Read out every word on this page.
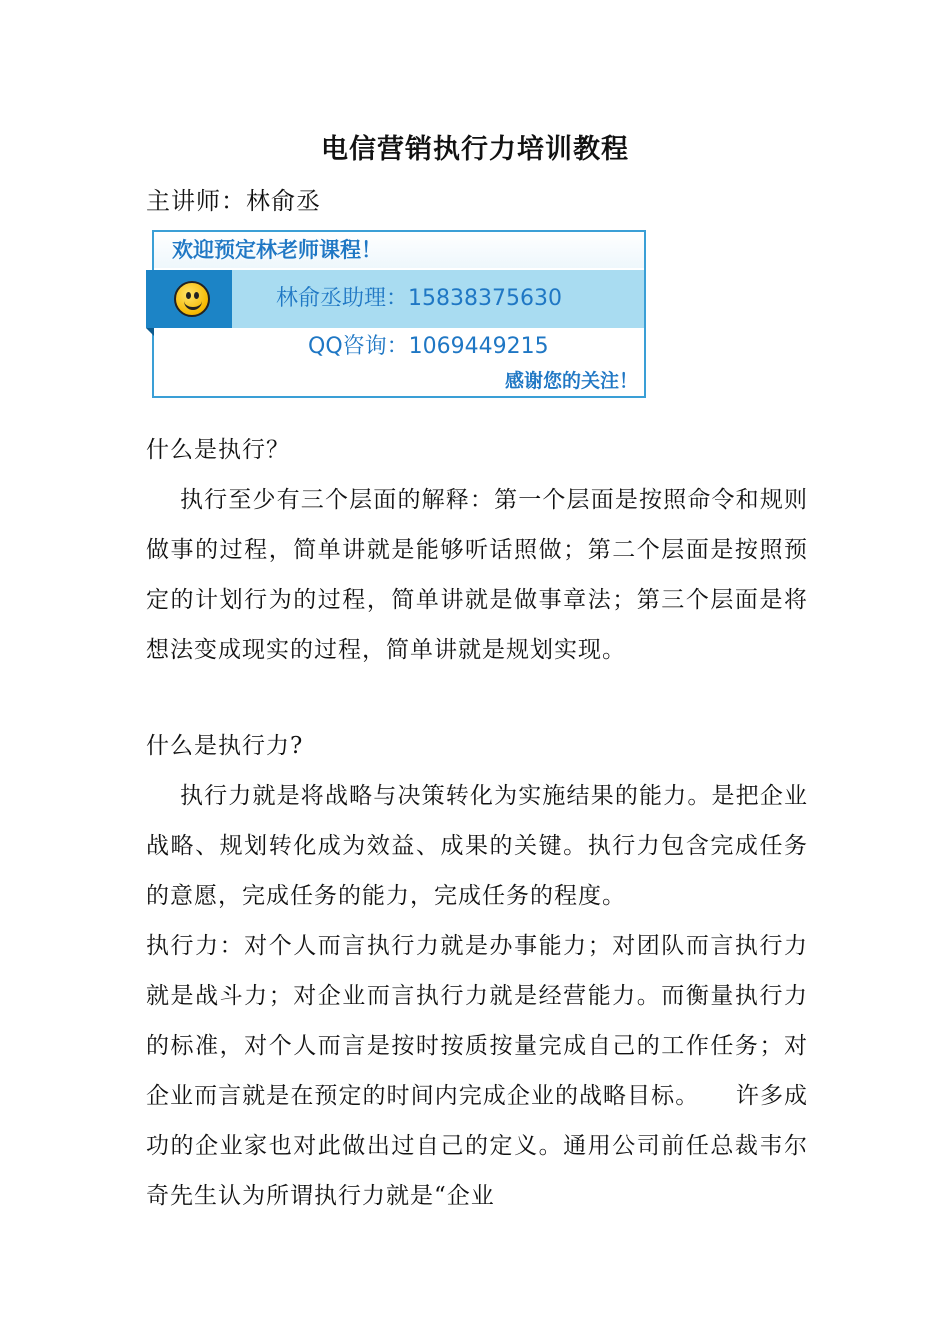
电信营销执行力培训教程
主讲师：林俞丞
欢迎预定林老师课程！
林俞丞助理：15838375630
QQ咨询：1069449215
感谢您的关注！

什么是执行？

执行至少有三个层面的解释：第一个层面是按照命令和规则做事的过程，简单讲就是能够听话照做；第二个层面是按照预定的计划行为的过程，简单讲就是做事章法；第三个层面是将想法变成现实的过程，简单讲就是规划实现。

什么是执行力?

执行力就是将战略与决策转化为实施结果的能力。是把企业战略、规划转化成为效益、成果的关键。执行力包含完成任务的意愿，完成任务的能力，完成任务的程度。

执行力：对个人而言执行力就是办事能力；对团队而言执行力就是战斗力；对企业而言执行力就是经营能力。而衡量执行力的标准，对个人而言是按时按质按量完成自己的工作任务；对企业而言就是在预定的时间内完成企业的战略目标。　　许多成功的企业家也对此做出过自己的定义。通用公司前任总裁韦尔奇先生认为所谓执行力就是“企业
